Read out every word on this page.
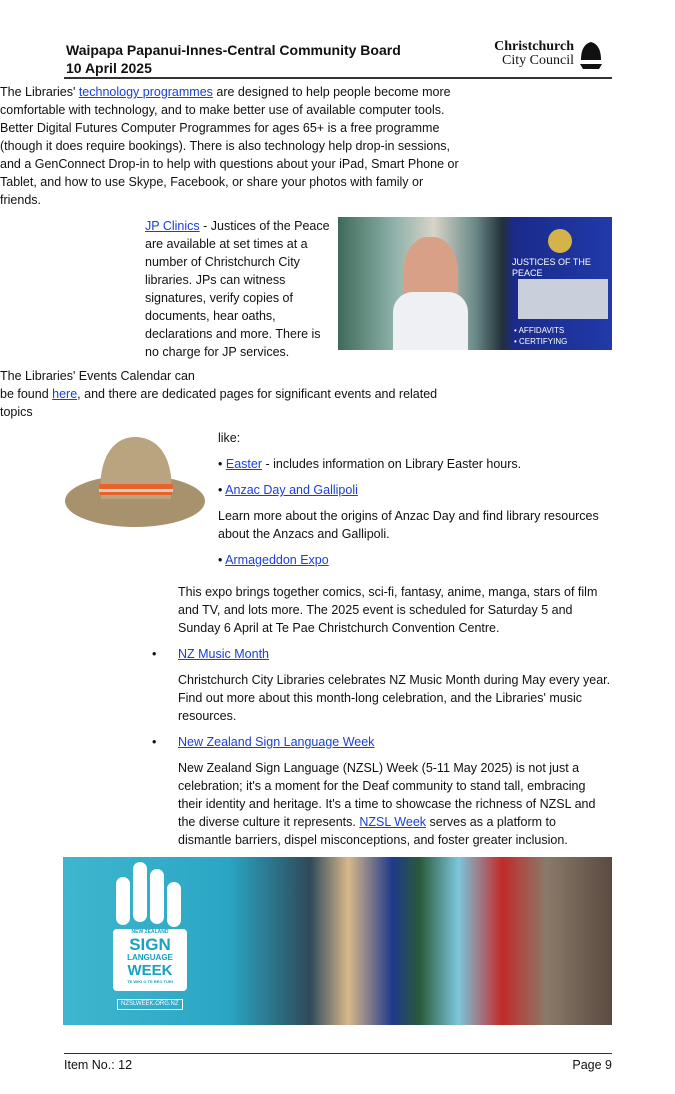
Waipapa Papanui-Innes-Central Community Board
10 April 2025
Christchurch
City Council
The Libraries' technology programmes are designed to help people become more comfortable with technology, and to make better use of available computer tools. Better Digital Futures Computer Programmes for ages 65+ is a free programme (though it does require bookings). There is also technology help drop-in sessions, and a GenConnect Drop-in to help with questions about your iPad, Smart Phone or Tablet, and how to use Skype, Facebook, or share your photos with family or friends.
JP Clinics - Justices of the Peace are available at set times at a number of Christchurch City libraries. JPs can witness signatures, verify copies of documents, hear oaths, declarations and more. There is no charge for JP services.
JUSTICES OF THE PEACE
• AFFIDAVITS
• CERTIFYING
The Libraries' Events Calendar can
be found here, and there are dedicated pages for significant events and related topics
like:
• Easter - includes information on Library Easter hours.
• Anzac Day and Gallipoli
Learn more about the origins of Anzac Day and find library resources about the Anzacs and Gallipoli.
• Armageddon Expo
This expo brings together comics, sci-fi, fantasy, anime, manga, stars of film and TV, and lots more. The 2025 event is scheduled for Saturday 5 and Sunday 6 April at Te Pae Christchurch Convention Centre.
• NZ Music Month
Christchurch City Libraries celebrates NZ Music Month during May every year. Find out more about this month-long celebration, and the Libraries' music resources.
• New Zealand Sign Language Week
New Zealand Sign Language (NZSL) Week (5-11 May 2025) is not just a celebration; it's a moment for the Deaf community to stand tall, embracing their identity and heritage. It's a time to showcase the richness of NZSL and the diverse culture it represents. NZSL Week serves as a platform to dismantle barriers, dispel misconceptions, and foster greater inclusion.
NEW ZEALAND
SIGN
LANGUAGE
WEEK
TE WIKI O TE REO TURI
NZSLWEEK.ORG.NZ
Item No.: 12	Page 9
